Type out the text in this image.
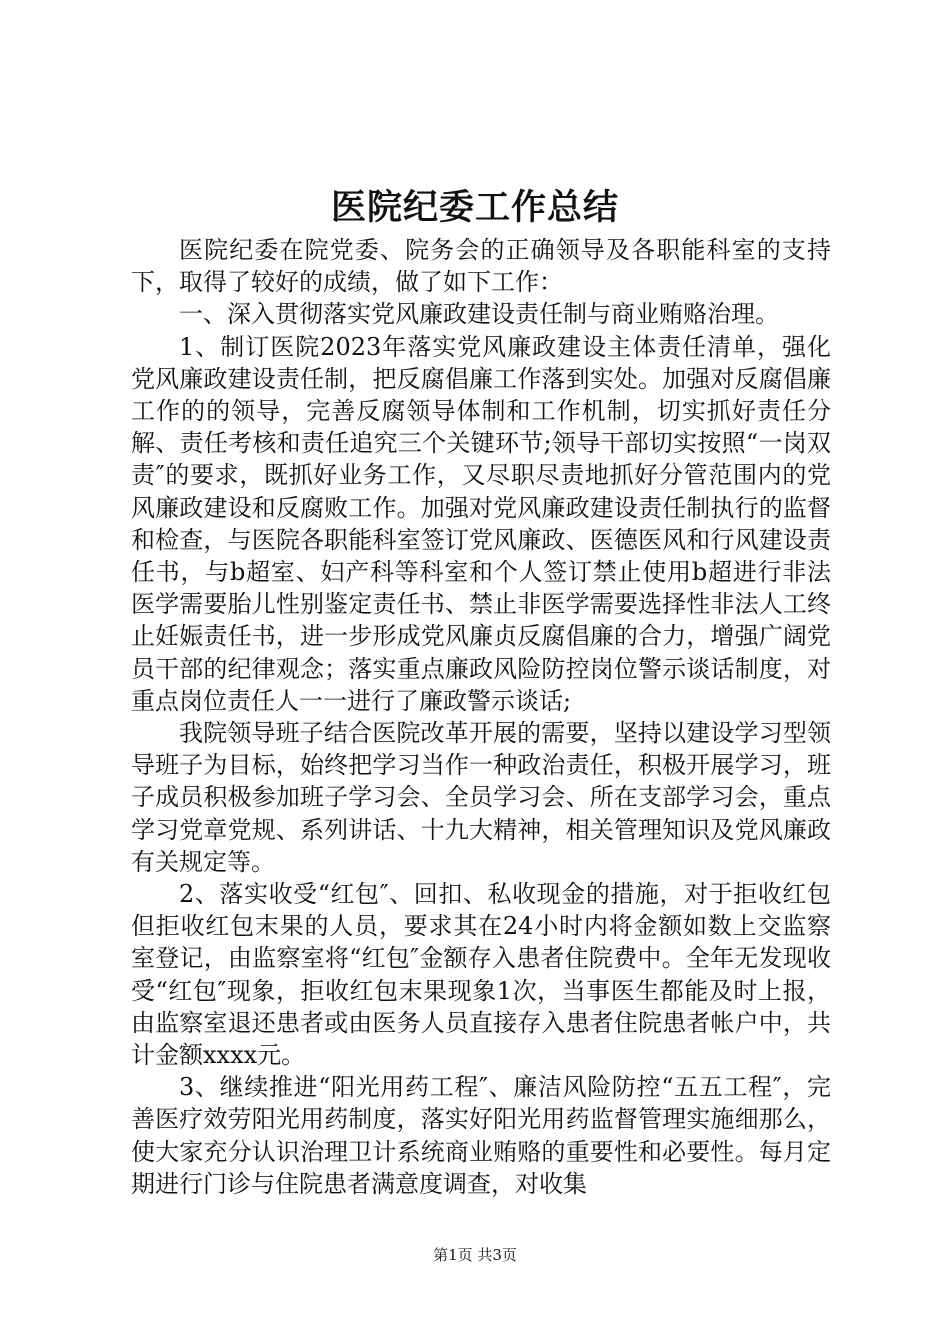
医院纪委工作总结

医院纪委在院党委、院务会的正确领导及各职能科室的支持下，取得了较好的成绩，做了如下工作：

一、深入贯彻落实党风廉政建设责任制与商业贿赂治理。

1、制订医院2023年落实党风廉政建设主体责任清单，强化党风廉政建设责任制，把反腐倡廉工作落到实处。加强对反腐倡廉工作的的领导，完善反腐领导体制和工作机制，切实抓好责任分解、责任考核和责任追究三个关键环节;领导干部切实按照“一岗双责″的要求，既抓好业务工作，又尽职尽责地抓好分管范围内的党风廉政建设和反腐败工作。加强对党风廉政建设责任制执行的监督和检查，与医院各职能科室签订党风廉政、医德医风和行风建设责任书，与b超室、妇产科等科室和个人签订禁止使用b超进行非法医学需要胎儿性别鉴定责任书、禁止非医学需要选择性非法人工终止妊娠责任书，进一步形成党风廉贞反腐倡廉的合力，增强广阔党员干部的纪律观念；落实重点廉政风险防控岗位警示谈话制度，对重点岗位责任人一一进行了廉政警示谈话;

我院领导班子结合医院改革开展的需要，坚持以建设学习型领导班子为目标，始终把学习当作一种政治责任，积极开展学习，班子成员积极参加班子学习会、全员学习会、所在支部学习会，重点学习党章党规、系列讲话、十九大精神，相关管理知识及党风廉政有关规定等。

2、落实收受“红包″、回扣、私收现金的措施，对于拒收红包但拒收红包末果的人员，要求其在24小时内将金额如数上交监察室登记，由监察室将“红包″金额存入患者住院费中。全年无发现收受“红包″现象，拒收红包末果现象1次，当事医生都能及时上报，由监察室退还患者或由医务人员直接存入患者住院患者帐户中，共计金额xxxx元。

3、继续推进“阳光用药工程″、廉洁风险防控“五五工程″，完善医疗效劳阳光用药制度，落实好阳光用药监督管理实施细那么，使大家充分认识治理卫计系统商业贿赂的重要性和必要性。每月定期进行门诊与住院患者满意度调查，对收集

第1页 共3页
